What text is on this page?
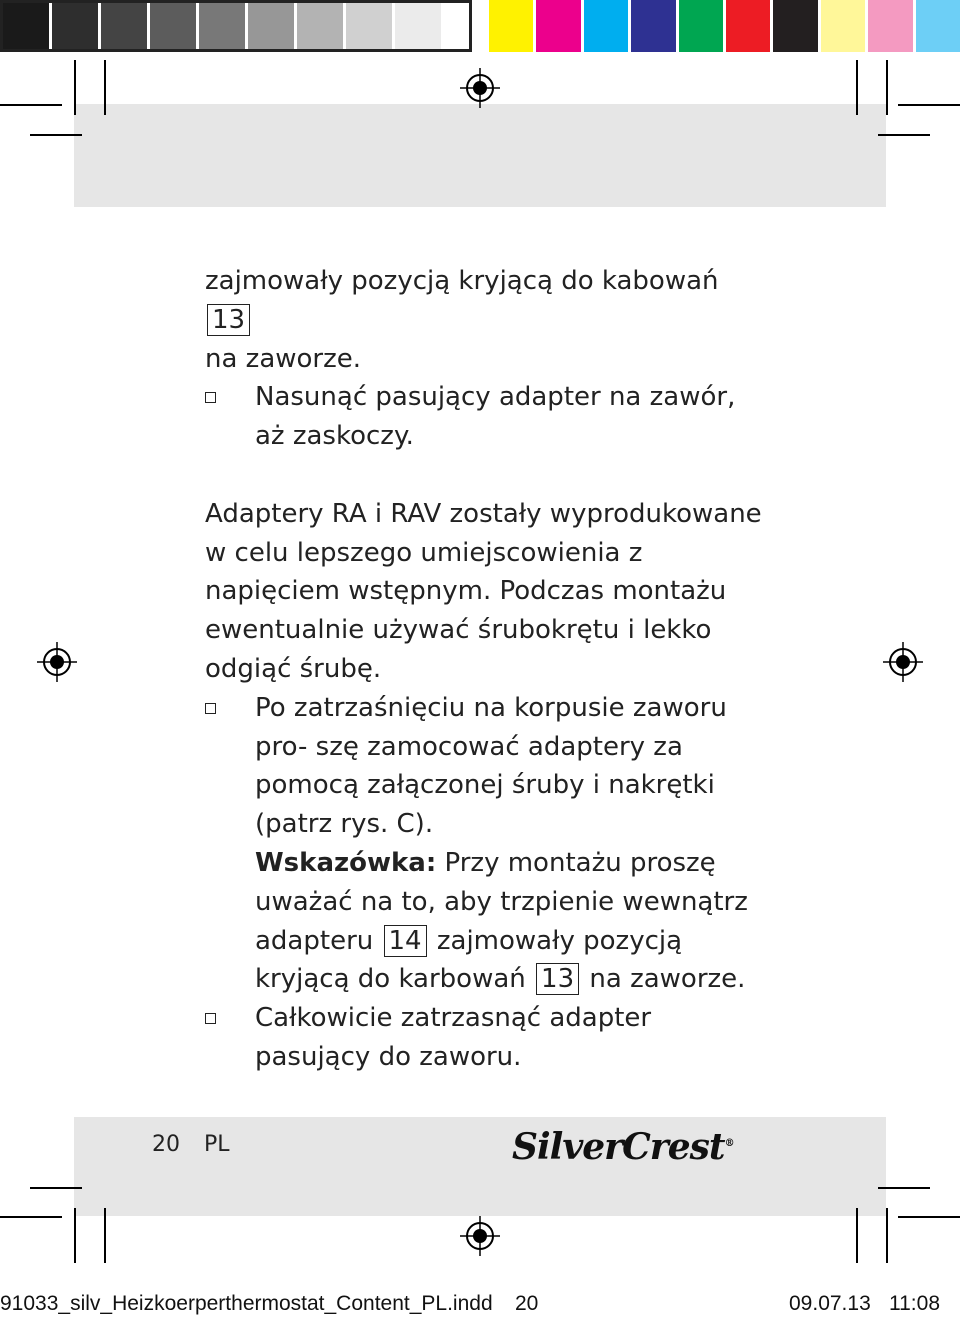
zajmowały pozycją kryjącą do kabowań 13
na zaworze.

Nasunąć pasujący adapter na zawór, aż zaskoczy.

Adaptery RA i RAV zostały wyprodukowane w celu lepszego umiejscowienia z napięciem wstępnym. Podczas montażu ewentualnie używać śrubokrętu i lekko odgiąć śrubę.

Po zatrzaśnięciu na korpusie zaworu pro- szę zamocować adaptery za pomocą załączonej śruby i nakrętki (patrz rys. C).
Wskazówka: Przy montażu proszę uważać na to, aby trzpienie wewnątrz adapteru 14 zajmowały pozycją kryjącą do karbowań 13 na zaworze.

Całkowicie zatrzasnąć adapter pasujący do zaworu.

20 PL	SilverCrest®
91033_silv_Heizkoerperthermostat_Content_PL.indd 20	09.07.13 11:08
